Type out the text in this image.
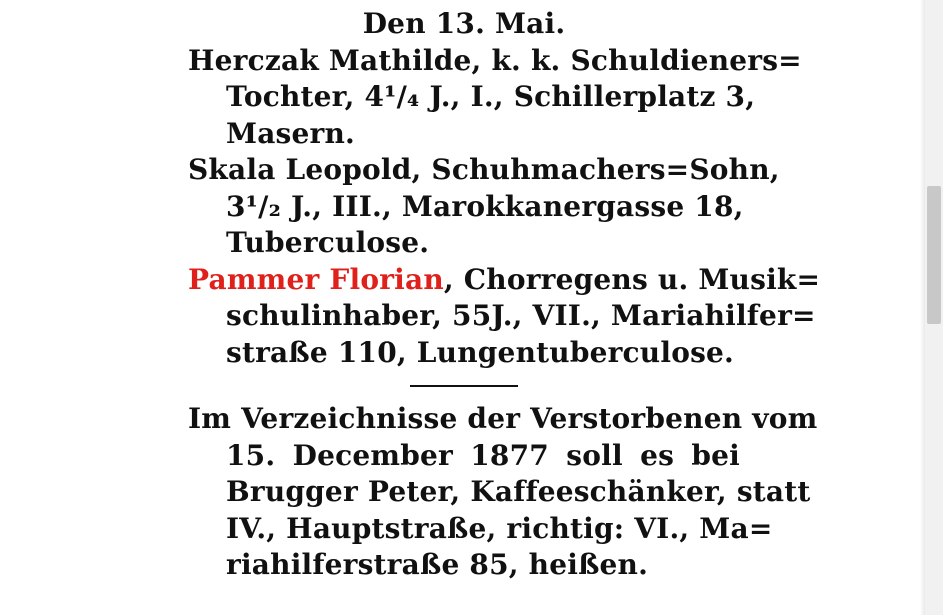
Den 13. Mai.
Herczak Mathilde, k. k. Schuldieners=
Tochter, 4¹/₄ J., I., Schillerplatz 3,
Masern.
Skala Leopold, Schuhmachers=Sohn,
3¹/₂ J., III., Marokkanergasse 18,
Tuberculose.
Pammer Florian, Chorregens u. Musik=
schulinhaber, 55J., VII., Mariahilfer=
straße 110, Lungentuberculose.
Im Verzeichnisse der Verstorbenen vom
15. December 1877 soll es bei
Brugger Peter, Kaffeeschänker, statt
IV., Hauptstraße, richtig: VI., Ma=
riahilferstraße 85, heißen.
